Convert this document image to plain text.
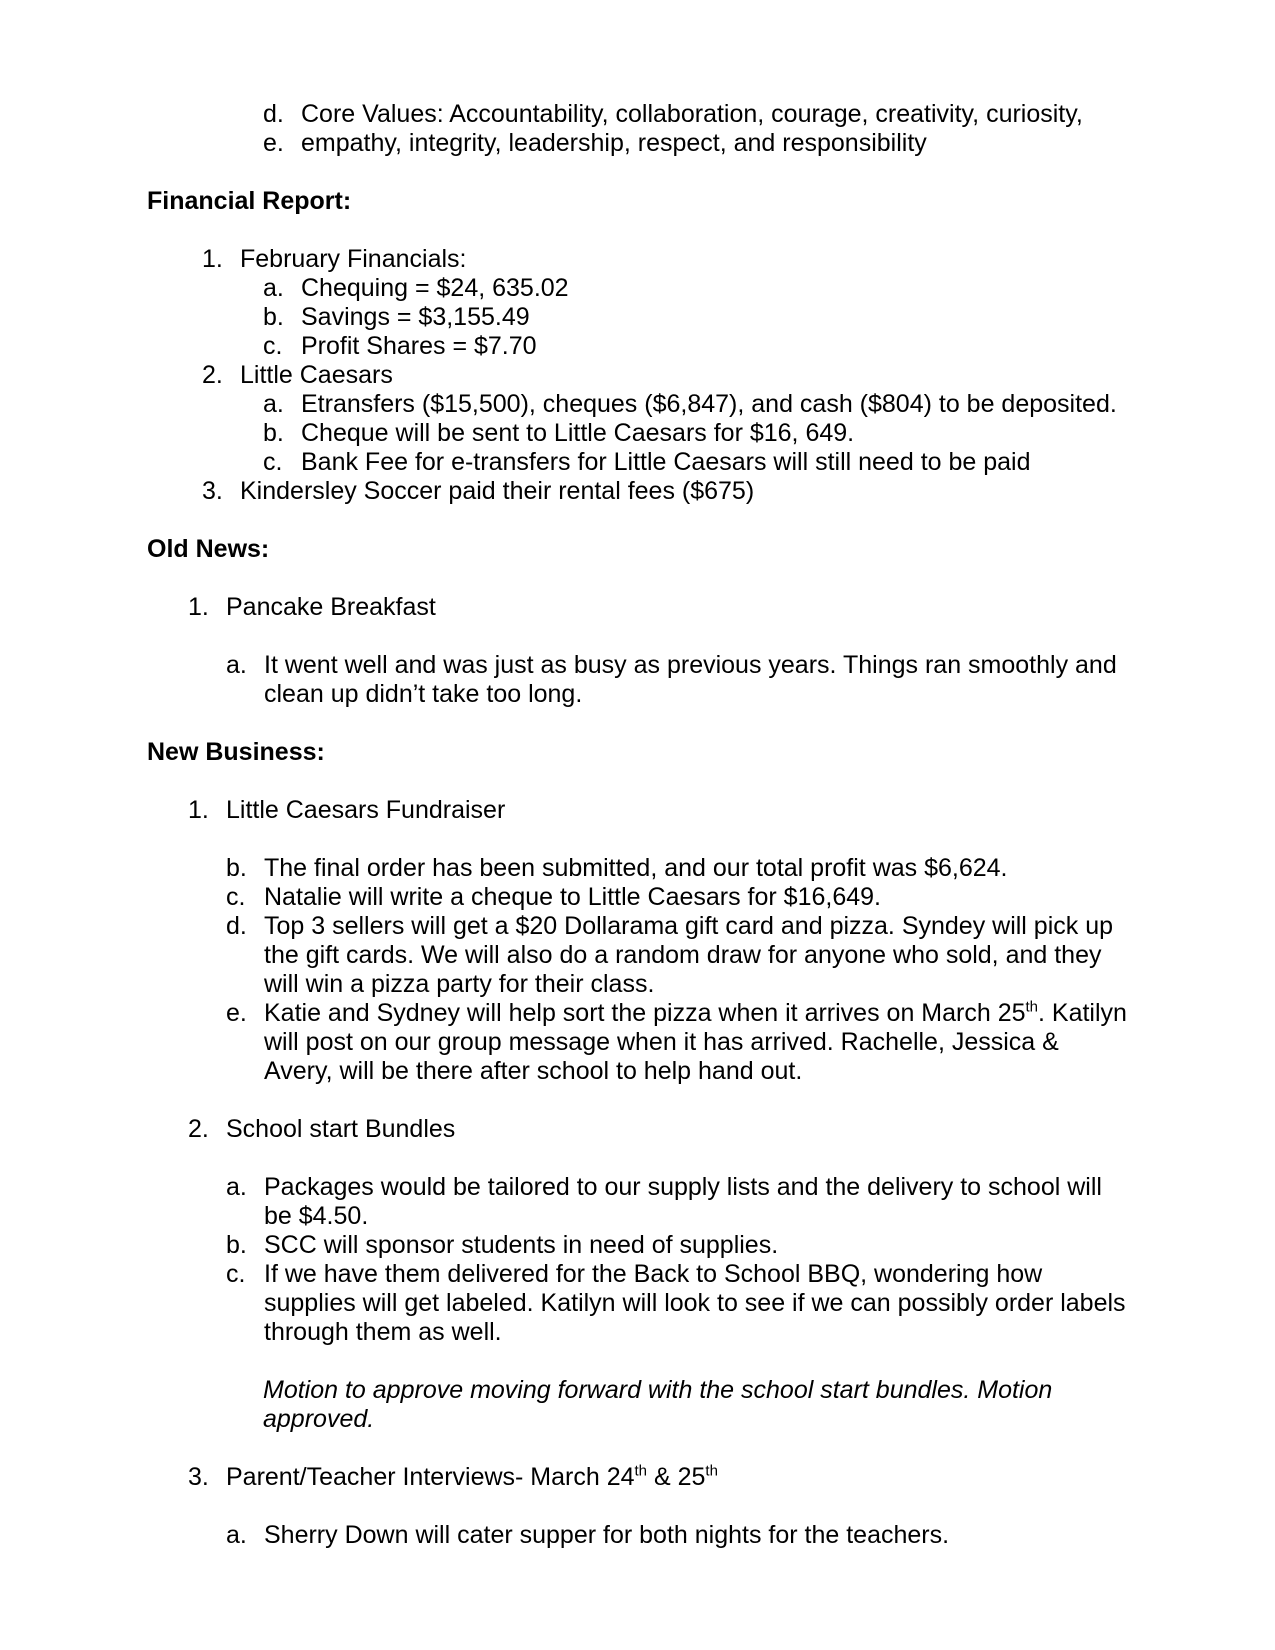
d. Core Values: Accountability, collaboration, courage, creativity, curiosity,
e. empathy, integrity, leadership, respect, and responsibility
Financial Report:
1. February Financials:
a. Chequing = $24, 635.02
b. Savings = $3,155.49
c. Profit Shares = $7.70
2. Little Caesars
a. Etransfers ($15,500), cheques ($6,847), and cash ($804) to be deposited.
b. Cheque will be sent to Little Caesars for $16, 649.
c. Bank Fee for e-transfers for Little Caesars will still need to be paid
3. Kindersley Soccer paid their rental fees ($675)
Old News:
1. Pancake Breakfast
a. It went well and was just as busy as previous years. Things ran smoothly and clean up didn’t take too long.
New Business:
1. Little Caesars Fundraiser
b. The final order has been submitted, and our total profit was $6,624.
c. Natalie will write a cheque to Little Caesars for $16,649.
d. Top 3 sellers will get a $20 Dollarama gift card and pizza. Syndey will pick up the gift cards. We will also do a random draw for anyone who sold, and they will win a pizza party for their class.
e. Katie and Sydney will help sort the pizza when it arrives on March 25th. Katilyn will post on our group message when it has arrived. Rachelle, Jessica & Avery, will be there after school to help hand out.
2. School start Bundles
a. Packages would be tailored to our supply lists and the delivery to school will be $4.50.
b. SCC will sponsor students in need of supplies.
c. If we have them delivered for the Back to School BBQ, wondering how supplies will get labeled. Katilyn will look to see if we can possibly order labels through them as well.
Motion to approve moving forward with the school start bundles. Motion approved.
3. Parent/Teacher Interviews- March 24th & 25th
a. Sherry Down will cater supper for both nights for the teachers.
